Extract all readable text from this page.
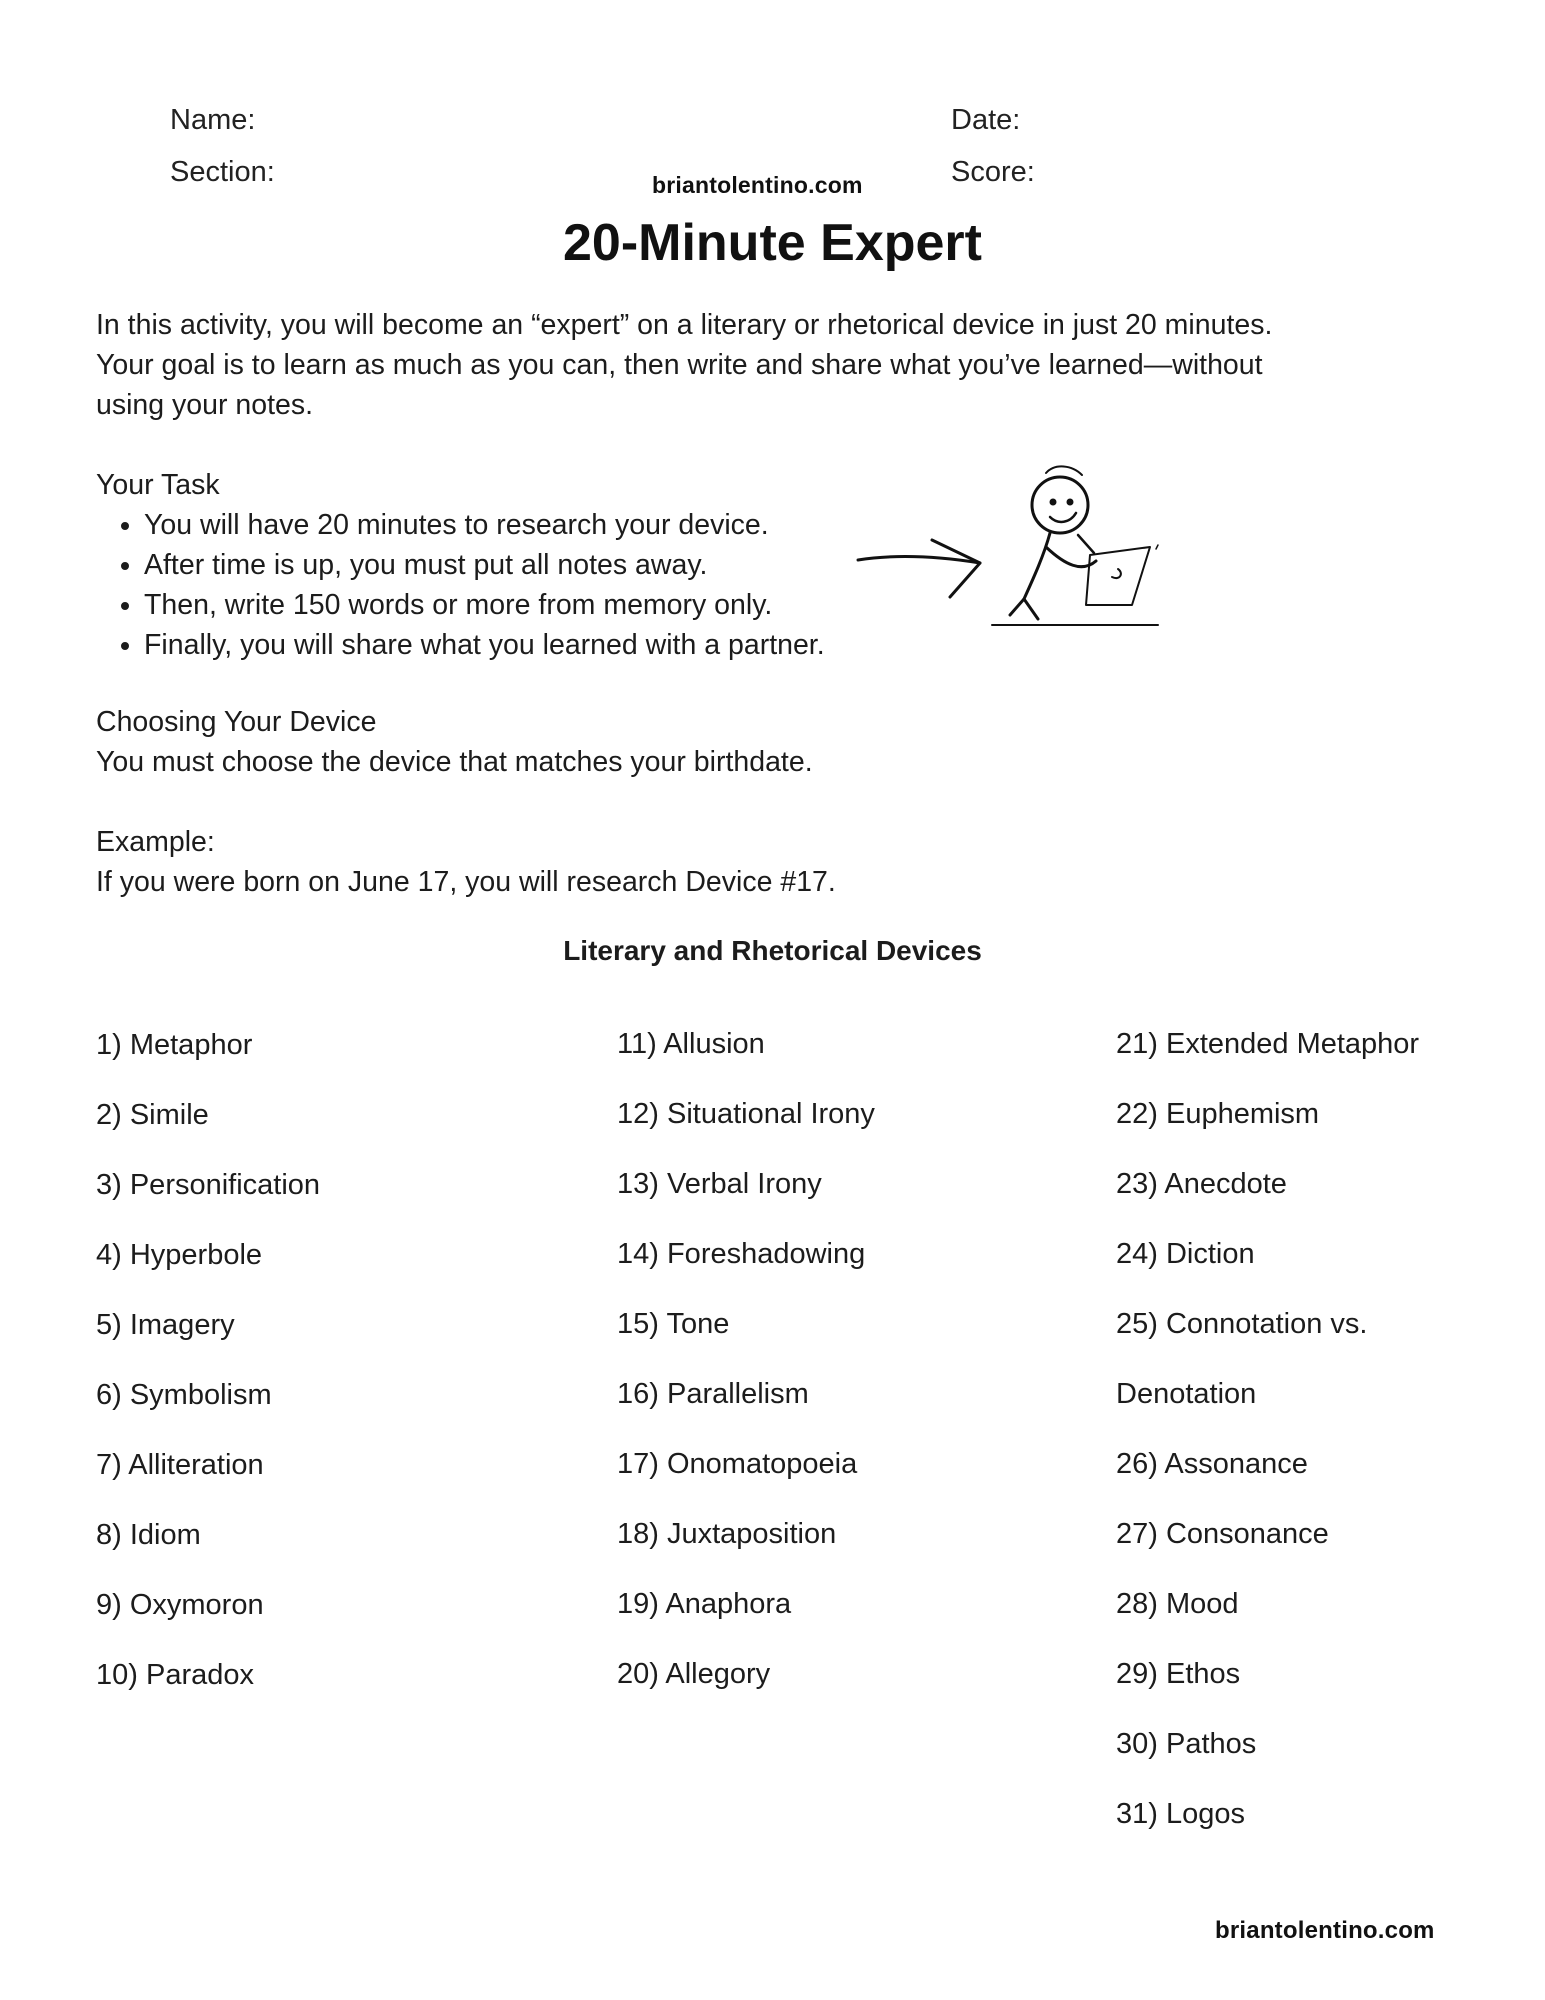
Name:	Date:
Section:	Score:
briantolentino.com
20-Minute Expert

In this activity, you will become an “expert” on a literary or rhetorical device in just 20 minutes.

Your goal is to learn as much as you can, then write and share what you’ve learned—without

using your notes.

Your Task

• You will have 20 minutes to research your device.
• After time is up, you must put all notes away.
• Then, write 150 words or more from memory only.
• Finally, you will share what you learned with a partner.

Choosing Your Device

You must choose the device that matches your birthdate.

Example:

If you were born on June 17, you will research Device #17.

Literary and Rhetorical Devices
1) Metaphor
2) Simile
3) Personification
4) Hyperbole
5) Imagery
6) Symbolism
7) Alliteration
8) Idiom
9) Oxymoron
10) Paradox
11) Allusion
12) Situational Irony
13) Verbal Irony
14) Foreshadowing
15) Tone
16) Parallelism
17) Onomatopoeia
18) Juxtaposition
19) Anaphora
20) Allegory
21) Extended Metaphor
22) Euphemism
23) Anecdote
24) Diction
25) Connotation vs.
Denotation
26) Assonance
27) Consonance
28) Mood
29) Ethos
30) Pathos
31) Logos
briantolentino.com
